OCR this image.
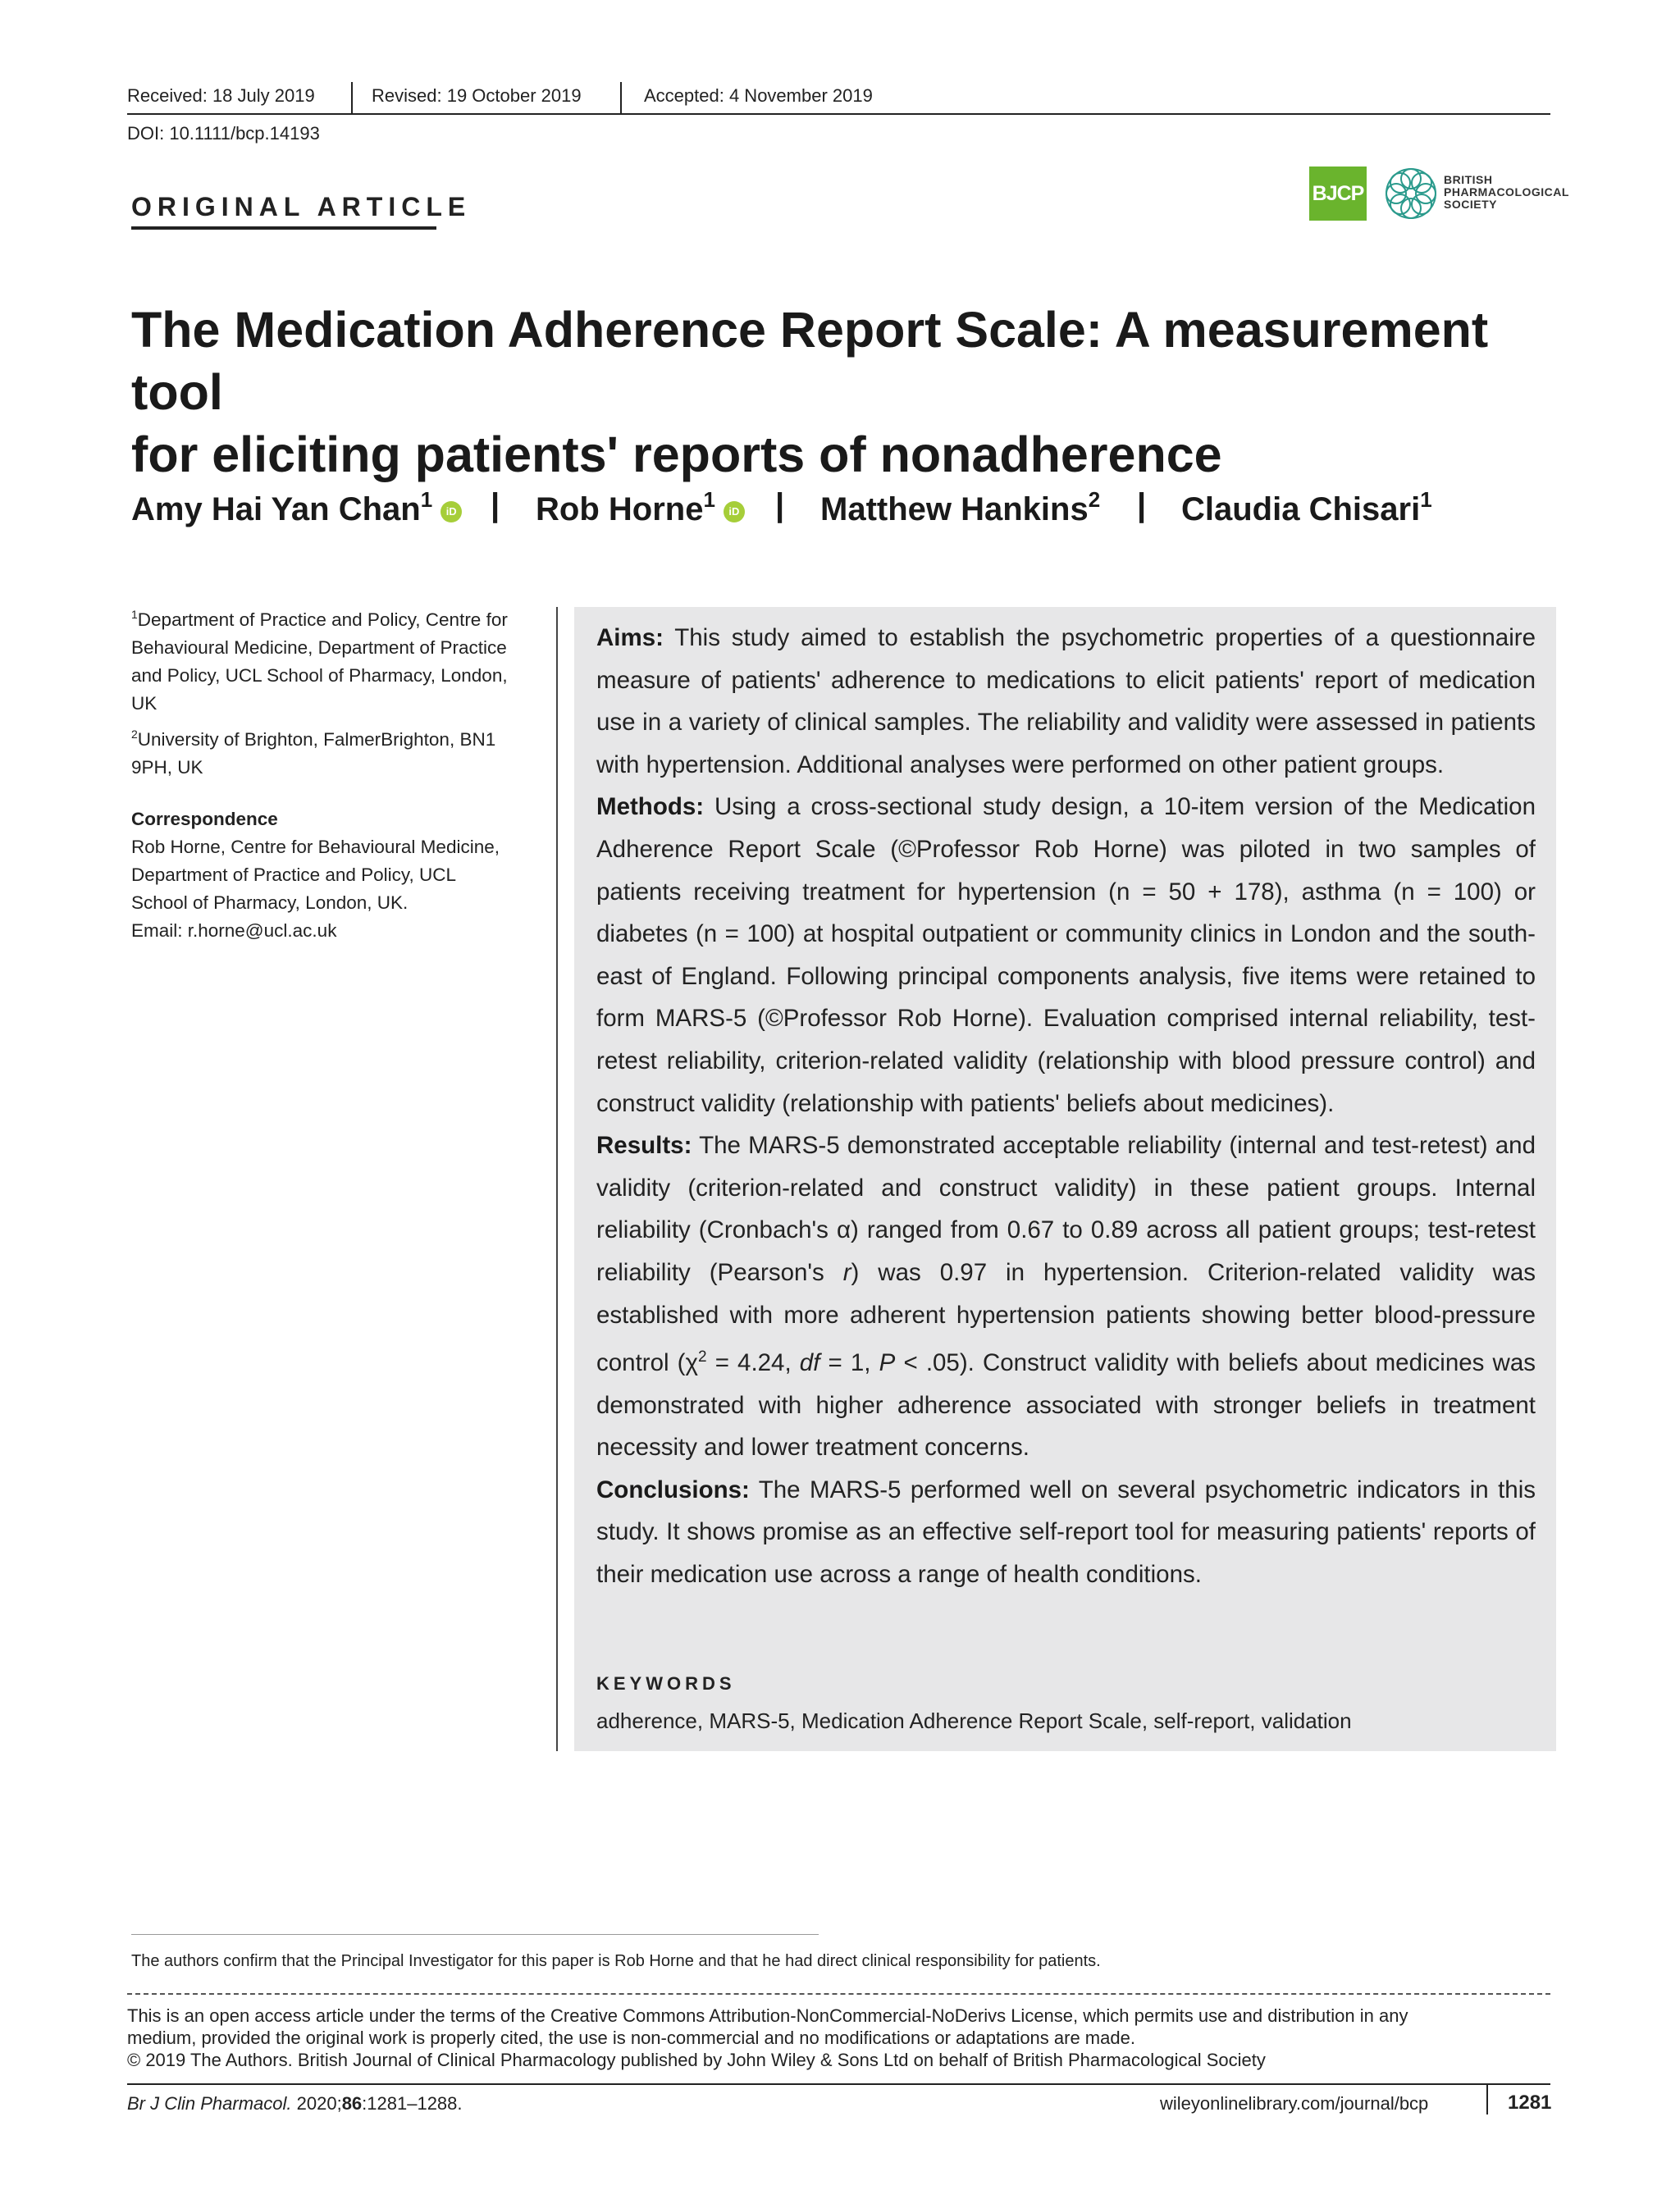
Received: 18 July 2019	Revised: 19 October 2019	Accepted: 4 November 2019
DOI: 10.1111/bcp.14193
ORIGINAL ARTICLE	BJCP
BRITISH
PHARMACOLOGICAL
SOCIETY
The Medication Adherence Report Scale: A measurement tool
for eliciting patients' reports of nonadherence
Amy Hai Yan Chan$^1$ iD | Rob Horne$^1$ iD | Matthew Hankins$^2$ | Claudia Chisari$^1$
$^1$Department of Practice and Policy, Centre for
Behavioural Medicine, Department of Practice
and Policy, UCL School of Pharmacy, London,
UK
$^2$University of Brighton, FalmerBrighton, BN1
9PH, UK
Correspondence
Rob Horne, Centre for Behavioural Medicine,
Department of Practice and Policy, UCL
School of Pharmacy, London, UK.
Email: r.horne@ucl.ac.uk

Aims: This study aimed to establish the psychometric properties of a questionnaire measure of patients' adherence to medications to elicit patients' report of medication use in a variety of clinical samples. The reliability and validity were assessed in patients with hypertension. Additional analyses were performed on other patient groups.

Methods: Using a cross-sectional study design, a 10-item version of the Medication Adherence Report Scale (©Professor Rob Horne) was piloted in two samples of patients receiving treatment for hypertension (n = 50 + 178), asthma (n = 100) or diabetes (n = 100) at hospital outpatient or community clinics in London and the south-east of England. Following principal components analysis, five items were retained to form MARS-5 (©Professor Rob Horne). Evaluation comprised internal reliability, test-retest reliability, criterion-related validity (relationship with blood pressure control) and construct validity (relationship with patients' beliefs about medicines).

Results: The MARS-5 demonstrated acceptable reliability (internal and test-retest) and validity (criterion-related and construct validity) in these patient groups. Internal reliability (Cronbach's α) ranged from 0.67 to 0.89 across all patient groups; test-retest reliability (Pearson's r) was 0.97 in hypertension. Criterion-related validity was established with more adherent hypertension patients showing better blood-pressure control ($\chi^2 = 4.24$, df = 1, P < .05). Construct validity with beliefs about medicines was demonstrated with higher adherence associated with stronger beliefs in treatment necessity and lower treatment concerns.

Conclusions: The MARS-5 performed well on several psychometric indicators in this study. It shows promise as an effective self-report tool for measuring patients' reports of their medication use across a range of health conditions.

KEYWORDS
adherence, MARS-5, Medication Adherence Report Scale, self-report, validation
The authors confirm that the Principal Investigator for this paper is Rob Horne and that he had direct clinical responsibility for patients.
This is an open access article under the terms of the Creative Commons Attribution-NonCommercial-NoDerivs License, which permits use and distribution in any
medium, provided the original work is properly cited, the use is non-commercial and no modifications or adaptations are made.
© 2019 The Authors. British Journal of Clinical Pharmacology published by John Wiley & Sons Ltd on behalf of British Pharmacological Society
Br J Clin Pharmacol. 2020;86:1281–1288.	wileyonlinelibrary.com/journal/bcp	1281
